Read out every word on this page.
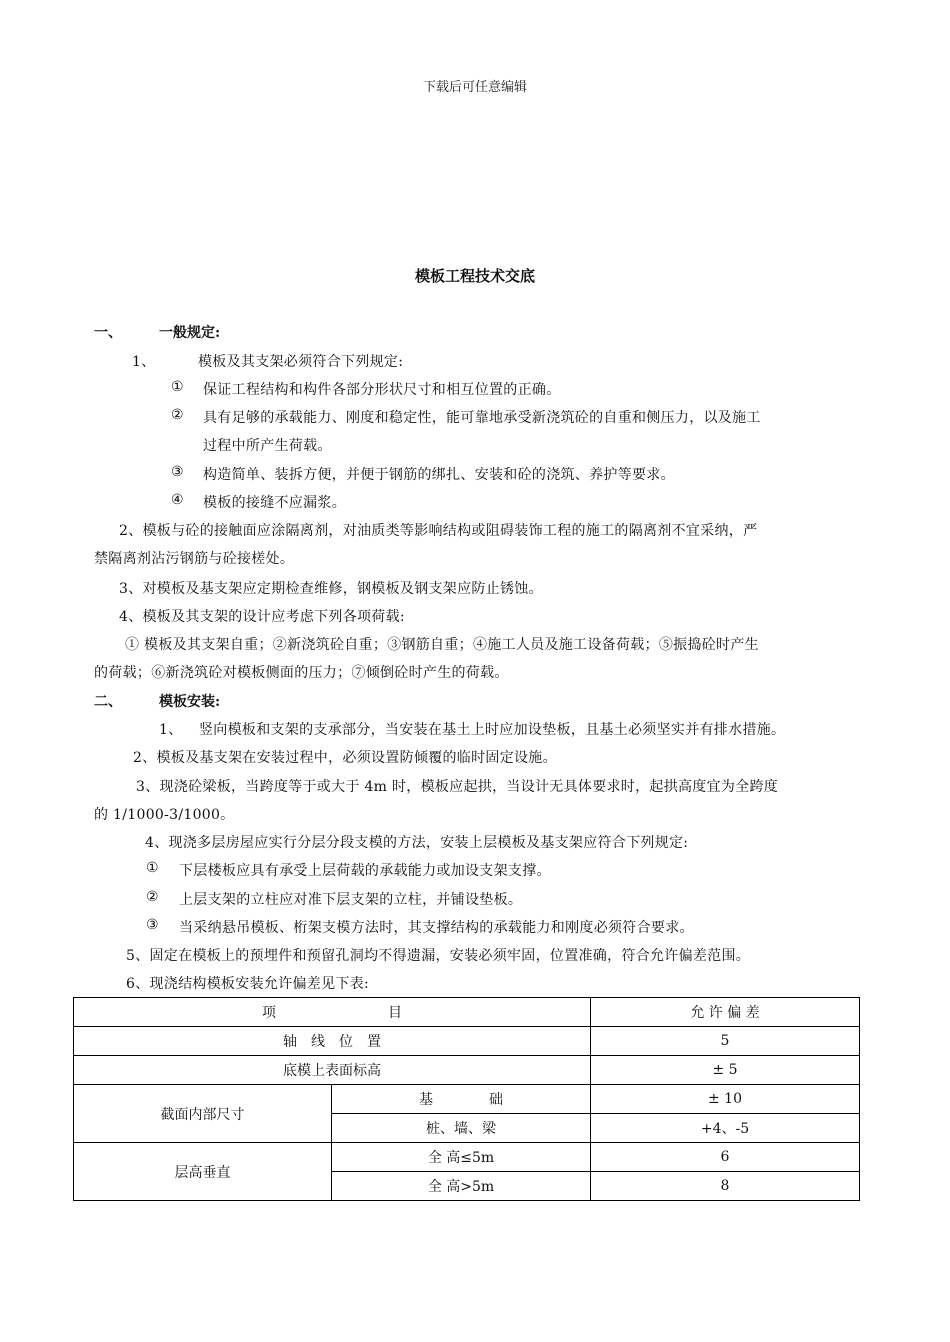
下载后可任意编辑
模板工程技术交底
一、	一般规定:
1、	模板及其支架必须符合下列规定:
① 保证工程结构和构件各部分形状尺寸和相互位置的正确。
② 具有足够的承载能力、刚度和稳定性，能可靠地承受新浇筑砼的自重和侧压力，以及施工
过程中所产生荷载。
③ 构造简单、装拆方便，并便于钢筋的绑扎、安装和砼的浇筑、养护等要求。
④ 模板的接缝不应漏浆。
2、模板与砼的接触面应涂隔离剂，对油质类等影响结构或阻碍装饰工程的施工的隔离剂不宜采纳，严
禁隔离剂沾污钢筋与砼接槎处。
3、对模板及基支架应定期检查维修，钢模板及钢支架应防止锈蚀。
4、模板及其支架的设计应考虑下列各项荷载:
① 模板及其支架自重；②新浇筑砼自重；③钢筋自重；④施工人员及施工设备荷载；⑤振捣砼时产生
的荷载；⑥新浇筑砼对模板侧面的压力；⑦倾倒砼时产生的荷载。
二、	模板安装:
1、 竖向模板和支架的支承部分，当安装在基土上时应加设垫板，且基土必须坚实并有排水措施。
2、模板及基支架在安装过程中，必须设置防倾覆的临时固定设施。
3、现浇砼梁板，当跨度等于或大于 4m 时，模板应起拱，当设计无具体要求时，起拱高度宜为全跨度
的 1/1000-3/1000。
4、现浇多层房屋应实行分层分段支模的方法，安装上层模板及基支架应符合下列规定:
① 下层楼板应具有承受上层荷载的承载能力或加设支架支撑。
② 上层支架的立柱应对准下层支架的立柱，并铺设垫板。
③ 当采纳悬吊模板、桁架支模方法时，其支撑结构的承载能力和刚度必须符合要求。
5、固定在模板上的预埋件和预留孔洞均不得遗漏，安装必须牢固，位置准确，符合允许偏差范围。
6、现浇结构模板安装允许偏差见下表:
项　　　　　　　　目		允 许 偏 差
轴　线　位　置		5
底模上表面标高		± 5
截面内部尺寸	基　　　　础	± 10
	桩、墙、梁	+4、-5
层高垂直	全 高≤5m	6
	全 高>5m	8
